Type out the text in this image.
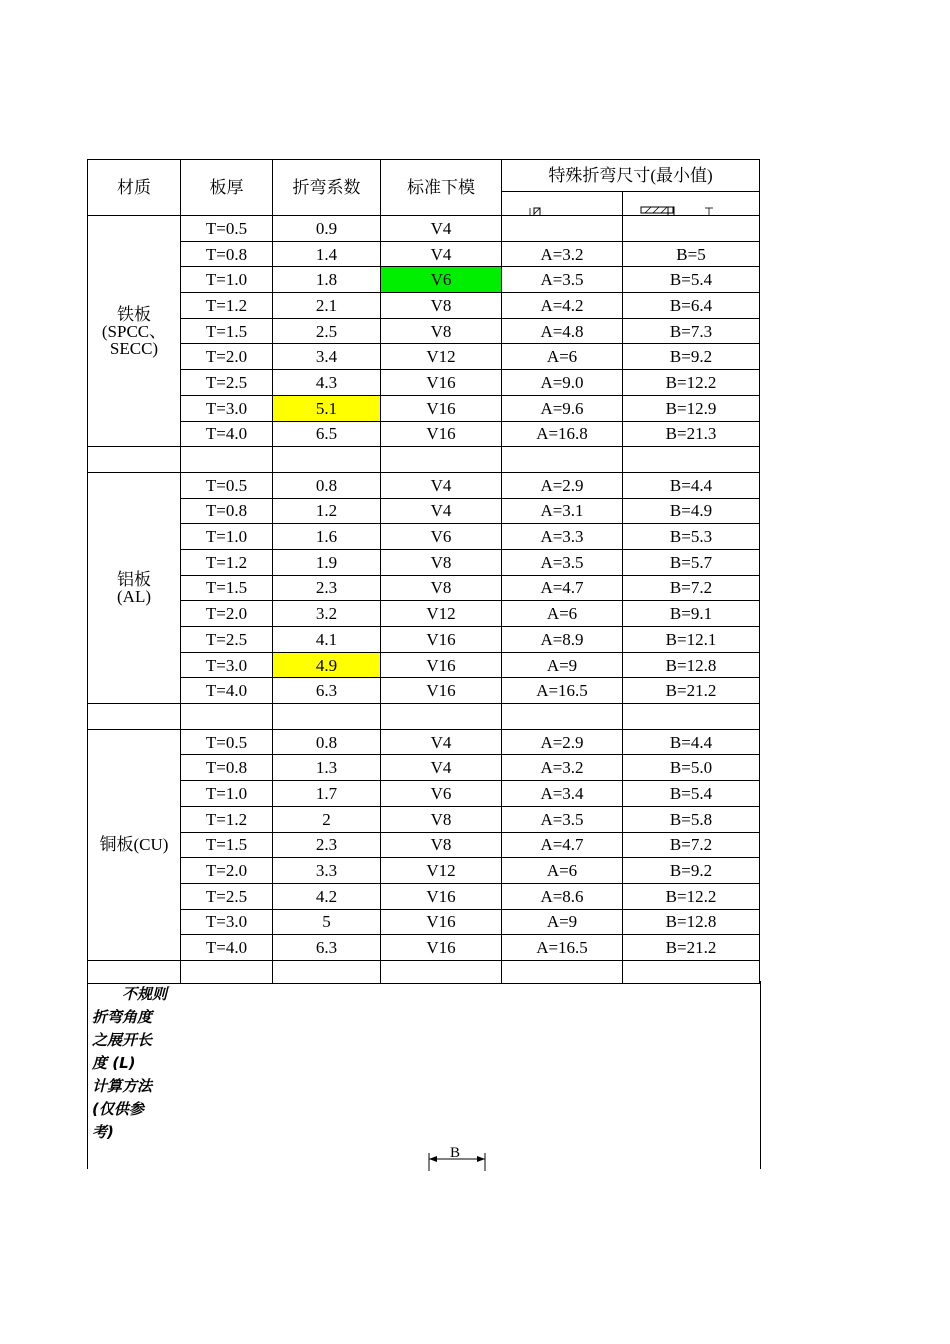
材质	板厚	折弯系数	标准下模	特殊折弯尺寸(最小值)	

铁板
(SPCC、
SECC)	T=0.5	0.9	V4		
	T=0.8	1.4	V4	A=3.2	B=5
	T=1.0	1.8	V6	A=3.5	B=5.4
	T=1.2	2.1	V8	A=4.2	B=6.4
	T=1.5	2.5	V8	A=4.8	B=7.3
	T=2.0	3.4	V12	A=6	B=9.2
	T=2.5	4.3	V16	A=9.0	B=12.2
	T=3.0	5.1	V16	A=9.6	B=12.9
	T=4.0	6.5	V16	A=16.8	B=21.3

铝板
(AL)	T=0.5	0.8	V4	A=2.9	B=4.4
	T=0.8	1.2	V4	A=3.1	B=4.9
	T=1.0	1.6	V6	A=3.3	B=5.3
	T=1.2	1.9	V8	A=3.5	B=5.7
	T=1.5	2.3	V8	A=4.7	B=7.2
	T=2.0	3.2	V12	A=6	B=9.1
	T=2.5	4.1	V16	A=8.9	B=12.1
	T=3.0	4.9	V16	A=9	B=12.8
	T=4.0	6.3	V16	A=16.5	B=21.2

铜板(CU)	T=0.5	0.8	V4	A=2.9	B=4.4
	T=0.8	1.3	V4	A=3.2	B=5.0
	T=1.0	1.7	V6	A=3.4	B=5.4
	T=1.2	2	V8	A=3.5	B=5.8
	T=1.5	2.3	V8	A=4.7	B=7.2
	T=2.0	3.3	V12	A=6	B=9.2
	T=2.5	4.2	V16	A=8.6	B=12.2
	T=3.0	5	V16	A=9	B=12.8
	T=4.0	6.3	V16	A=16.5	B=21.2

不规则
折弯角度
之展开长
度 (L)
计算方法
(仅供参
考)
B
